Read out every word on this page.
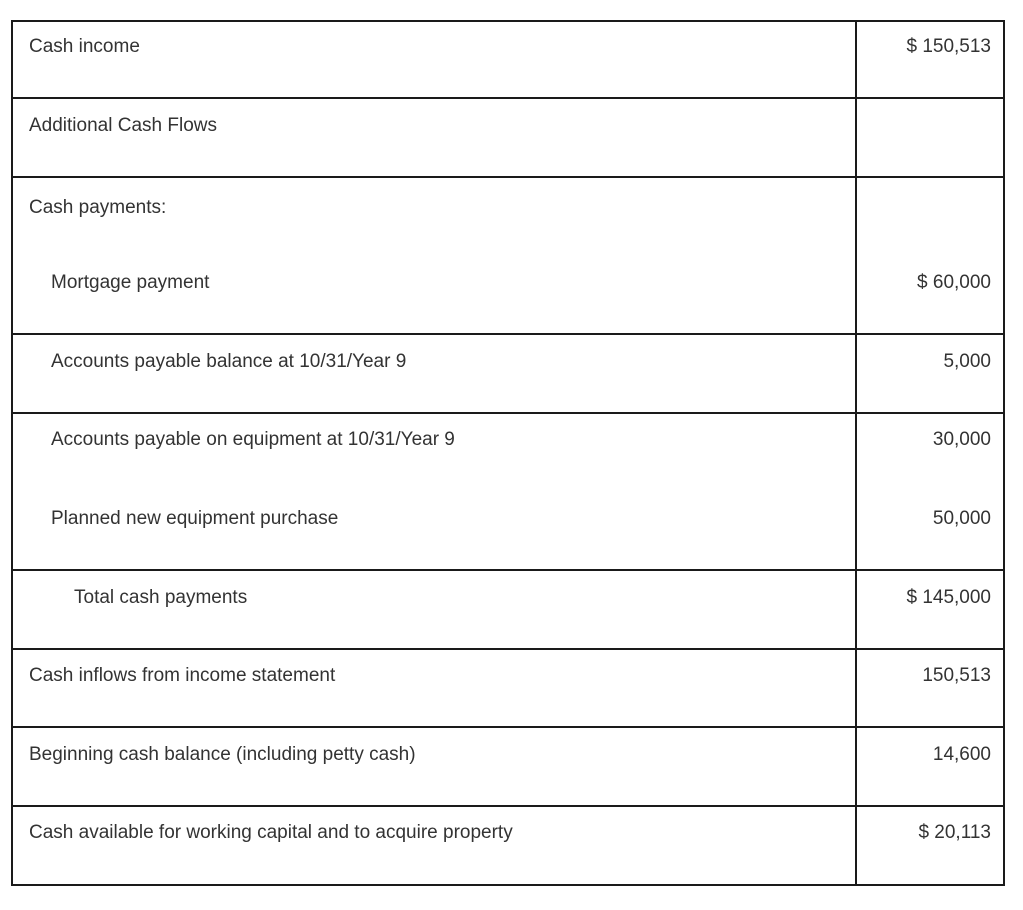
Cash income	$ 150,513
Additional Cash Flows
Cash payments:
Mortgage payment	$ 60,000
Accounts payable balance at 10/31/Year 9	5,000
Accounts payable on equipment at 10/31/Year 9	30,000
Planned new equipment purchase	50,000
Total cash payments	$ 145,000
Cash inflows from income statement	150,513
Beginning cash balance (including petty cash)	14,600
Cash available for working capital and to acquire property	$ 20,113
